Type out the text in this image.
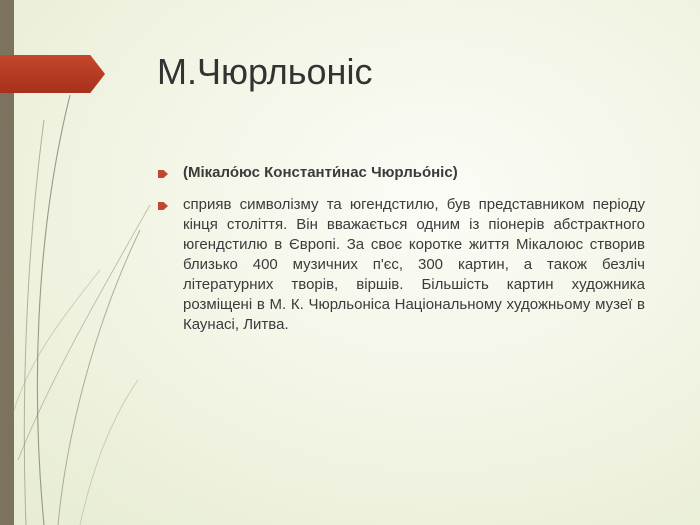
М.Чюрльоніс
(Мікало́юс Константи́нас Чюрльо́ніс)
сприяв символізму та югендстилю, був представником періоду кінця століття. Він вважається одним із піонерів абстрактного югендстилю в Європі. За своє коротке життя Мікалоюс створив близько 400 музичних п'єс, 300 картин, а також безліч літературних творів, віршів. Більшість картин художника розміщені в М. К. Чюрльоніса Національному художньому музеї в Каунасі, Литва.
